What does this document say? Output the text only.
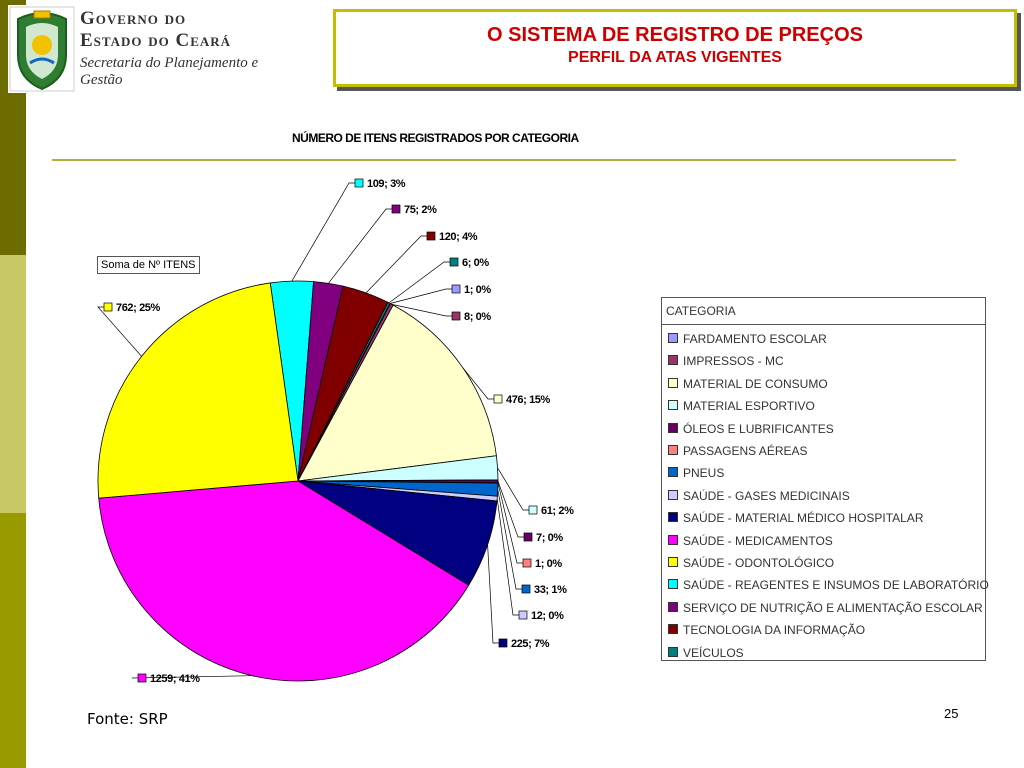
Governo do
Estado do Ceará
Secretaria do Planejamento e Gestão
O SISTEMA DE REGISTRO DE PREÇOS
PERFIL DA ATAS VIGENTES
NÚMERO DE ITENS REGISTRADOS POR CATEGORIA
109; 3%
75; 2%
120; 4%
6; 0%
1; 0%
8; 0%
476; 15%
61; 2%
7; 0%
1; 0%
33; 1%
12; 0%
225; 7%
1259; 41%
762; 25%
Soma de Nº ITENS
CATEGORIA
FARDAMENTO ESCOLAR
IMPRESSOS - MC
MATERIAL DE CONSUMO
MATERIAL ESPORTIVO
ÓLEOS E LUBRIFICANTES
PASSAGENS AÉREAS
PNEUS
SAÚDE - GASES MEDICINAIS
SAÚDE - MATERIAL MÉDICO HOSPITALAR
SAÚDE - MEDICAMENTOS
SAÚDE - ODONTOLÓGICO
SAÚDE - REAGENTES E INSUMOS DE LABORATÓRIO
SERVIÇO DE NUTRIÇÃO E ALIMENTAÇÃO ESCOLAR
TECNOLOGIA DA INFORMAÇÃO
VEÍCULOS
Fonte: SRP	25
